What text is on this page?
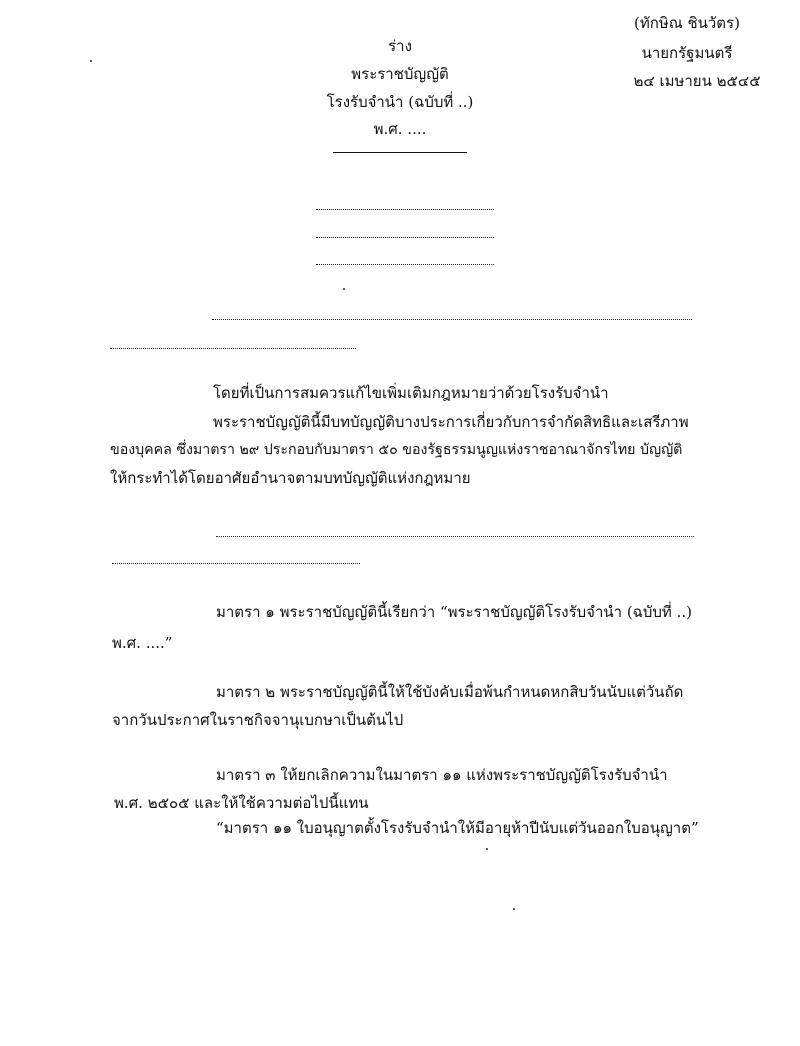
(ทักษิณ ชินวัตร)
นายกรัฐมนตรี
๒๔ เมษายน ๒๕๔๕
ร่าง
พระราชบัญญัติ
โรงรับจำนำ (ฉบับที่ ..)
พ.ศ. ....
โดยที่เป็นการสมควรแก้ไขเพิ่มเติมกฎหมายว่าด้วยโรงรับจำนำ
พระราชบัญญัตินี้มีบทบัญญัติบางประการเกี่ยวกับการจำกัดสิทธิและเสรีภาพ
ของบุคคล ซึ่งมาตรา ๒๙ ประกอบกับมาตรา ๕๐ ของรัฐธรรมนูญแห่งราชอาณาจักรไทย บัญญัติ
ให้กระทำได้โดยอาศัยอำนาจตามบทบัญญัติแห่งกฎหมาย
มาตรา ๑ พระราชบัญญัตินี้เรียกว่า “พระราชบัญญัติโรงรับจำนำ (ฉบับที่ ..)
พ.ศ. ....”
มาตรา ๒ พระราชบัญญัตินี้ให้ใช้บังคับเมื่อพ้นกำหนดหกสิบวันนับแต่วันถัด
จากวันประกาศในราชกิจจานุเบกษาเป็นต้นไป
มาตรา ๓ ให้ยกเลิกความในมาตรา ๑๑ แห่งพระราชบัญญัติโรงรับจำนำ
พ.ศ. ๒๕๐๕ และให้ใช้ความต่อไปนี้แทน
“มาตรา ๑๑ ใบอนุญาตตั้งโรงรับจำนำให้มีอายุห้าปีนับแต่วันออกใบอนุญาต”
